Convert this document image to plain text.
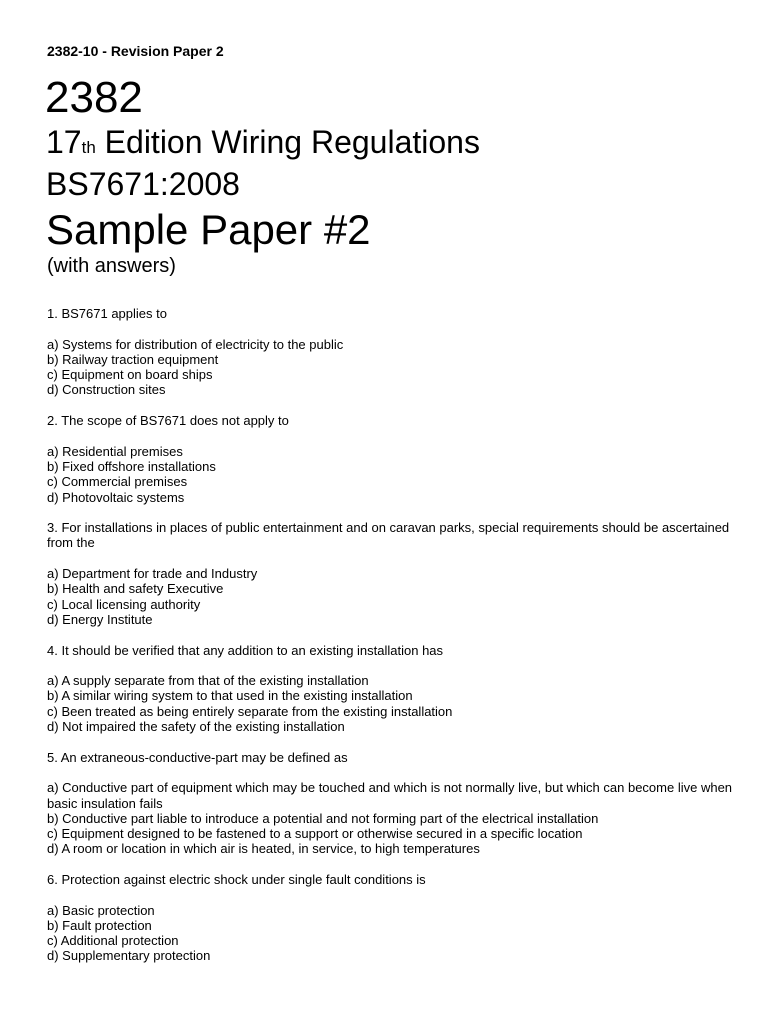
2382-10 - Revision Paper 2
2382
17th Edition Wiring Regulations
BS7671:2008
Sample Paper #2
(with answers)

1. BS7671 applies to

a) Systems for distribution of electricity to the public

b) Railway traction equipment

c) Equipment on board ships

d) Construction sites

2. The scope of BS7671 does not apply to

a) Residential premises

b) Fixed offshore installations

c) Commercial premises

d) Photovoltaic systems

3. For installations in places of public entertainment and on caravan parks, special requirements should be ascertained from the

a) Department for trade and Industry

b) Health and safety Executive

c) Local licensing authority

d) Energy Institute

4. It should be verified that any addition to an existing installation has

a) A supply separate from that of the existing installation

b) A similar wiring system to that used in the existing installation

c) Been treated as being entirely separate from the existing installation

d) Not impaired the safety of the existing installation

5. An extraneous-conductive-part may be defined as

a) Conductive part of equipment which may be touched and which is not normally live, but which can become live when basic insulation fails

b) Conductive part liable to introduce a potential and not forming part of the electrical installation

c) Equipment designed to be fastened to a support or otherwise secured in a specific location

d) A room or location in which air is heated, in service, to high temperatures

6. Protection against electric shock under single fault conditions is

a) Basic protection

b) Fault protection

c) Additional protection

d) Supplementary protection
